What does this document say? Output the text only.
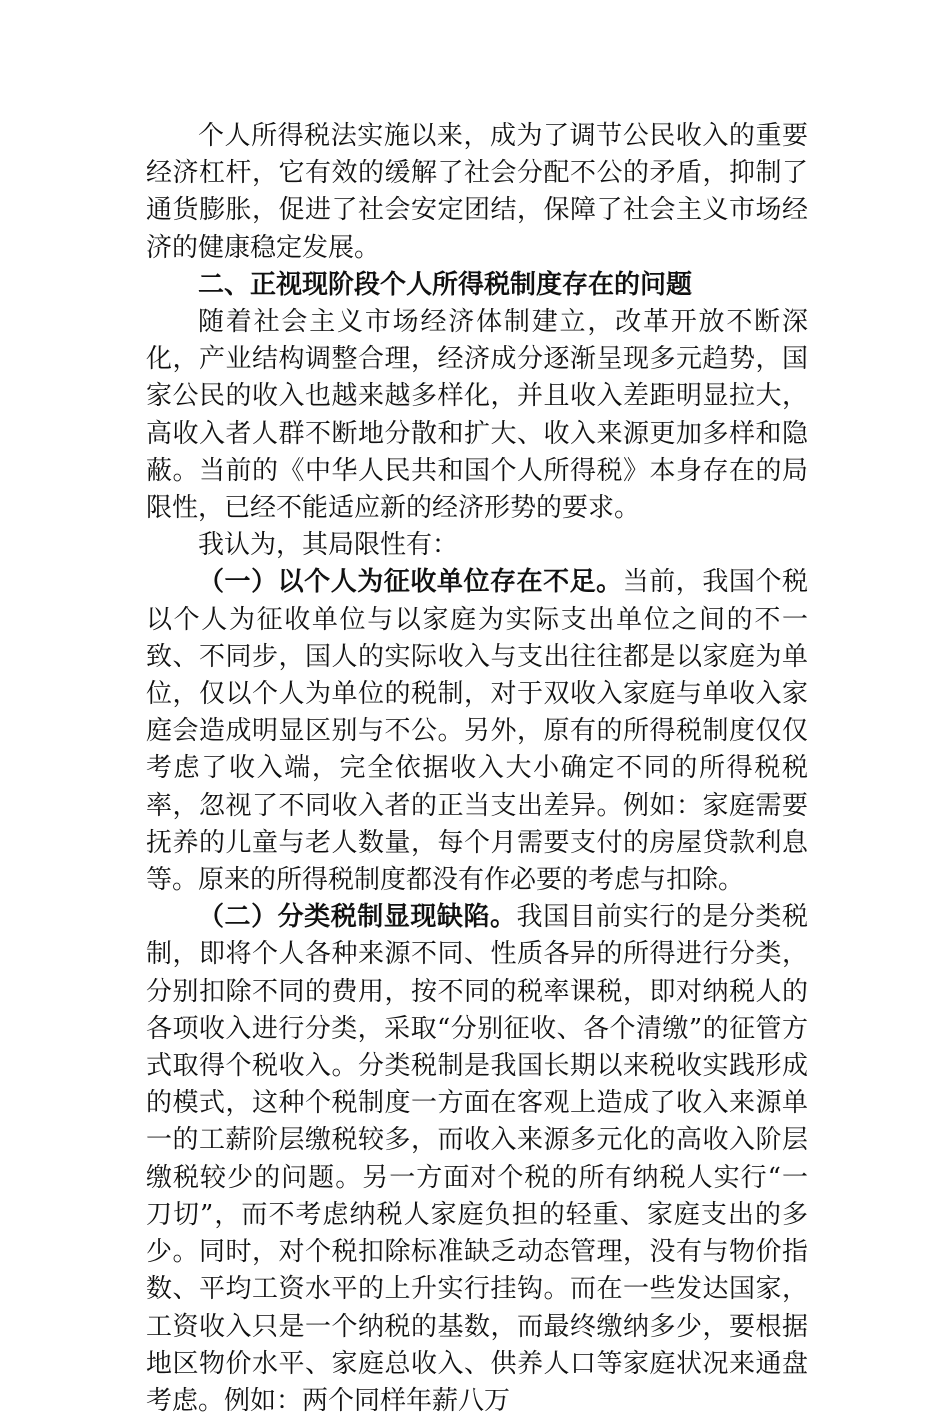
个人所得税法实施以来，成为了调节公民收入的重要经济杠杆，它有效的缓解了社会分配不公的矛盾，抑制了通货膨胀，促进了社会安定团结，保障了社会主义市场经济的健康稳定发展。

二、正视现阶段个人所得税制度存在的问题

随着社会主义市场经济体制建立，改革开放不断深化，产业结构调整合理，经济成分逐渐呈现多元趋势，国家公民的收入也越来越多样化，并且收入差距明显拉大，高收入者人群不断地分散和扩大、收入来源更加多样和隐蔽。当前的《中华人民共和国个人所得税》本身存在的局限性，已经不能适应新的经济形势的要求。

我认为，其局限性有：

（一）以个人为征收单位存在不足。当前，我国个税以个人为征收单位与以家庭为实际支出单位之间的不一致、不同步，国人的实际收入与支出往往都是以家庭为单位，仅以个人为单位的税制，对于双收入家庭与单收入家庭会造成明显区别与不公。另外，原有的所得税制度仅仅考虑了收入端，完全依据收入大小确定不同的所得税税率，忽视了不同收入者的正当支出差异。例如：家庭需要抚养的儿童与老人数量，每个月需要支付的房屋贷款利息等。原来的所得税制度都没有作必要的考虑与扣除。

（二）分类税制显现缺陷。我国目前实行的是分类税制，即将个人各种来源不同、性质各异的所得进行分类，分别扣除不同的费用，按不同的税率课税，即对纳税人的各项收入进行分类，采取“分别征收、各个清缴”的征管方式取得个税收入。分类税制是我国长期以来税收实践形成的模式，这种个税制度一方面在客观上造成了收入来源单一的工薪阶层缴税较多，而收入来源多元化的高收入阶层缴税较少的问题。另一方面对个税的所有纳税人实行“一刀切”，而不考虑纳税人家庭负担的轻重、家庭支出的多少。同时，对个税扣除标准缺乏动态管理，没有与物价指数、平均工资水平的上升实行挂钩。而在一些发达国家，工资收入只是一个纳税的基数，而最终缴纳多少，要根据地区物价水平、家庭总收入、供养人口等家庭状况来通盘考虑。例如：两个同样年薪八万
